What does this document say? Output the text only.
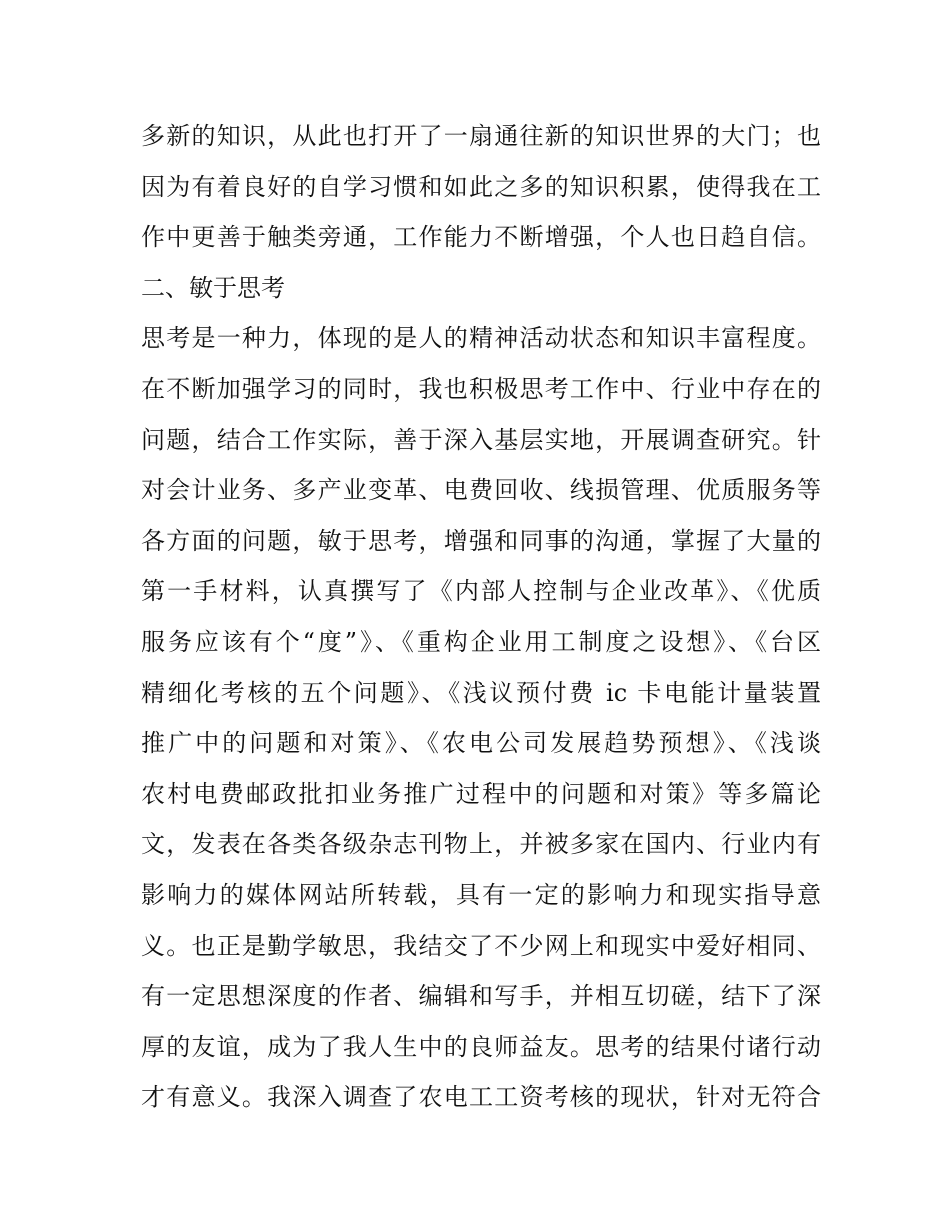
多新的知识，从此也打开了一扇通往新的知识世界的大门；也
因为有着良好的自学习惯和如此之多的知识积累，使得我在工
作中更善于触类旁通，工作能力不断增强，个人也日趋自信。
二、敏于思考
思考是一种力，体现的是人的精神活动状态和知识丰富程度。
在不断加强学习的同时，我也积极思考工作中、行业中存在的
问题，结合工作实际，善于深入基层实地，开展调查研究。针
对会计业务、多产业变革、电费回收、线损管理、优质服务等
各方面的问题，敏于思考，增强和同事的沟通，掌握了大量的
第一手材料，认真撰写了《内部人控制与企业改革》、《优质
服务应该有个“度”》、《重构企业用工制度之设想》、《台区
精细化考核的五个问题》、《浅议预付费 ic 卡电能计量装置
推广中的问题和对策》、《农电公司发展趋势预想》、《浅谈
农村电费邮政批扣业务推广过程中的问题和对策》等多篇论
文，发表在各类各级杂志刊物上，并被多家在国内、行业内有
影响力的媒体网站所转载，具有一定的影响力和现实指导意
义。也正是勤学敏思，我结交了不少网上和现实中爱好相同、
有一定思想深度的作者、编辑和写手，并相互切磋，结下了深
厚的友谊，成为了我人生中的良师益友。思考的结果付诸行动
才有意义。我深入调查了农电工工资考核的现状，针对无符合
